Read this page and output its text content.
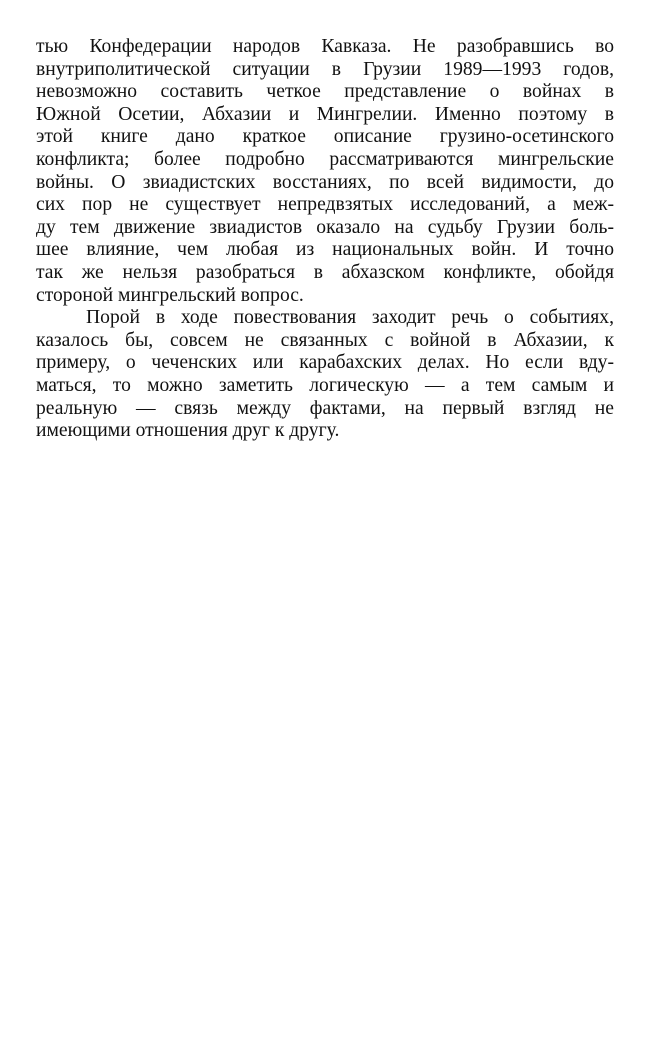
тью Конфедерации народов Кавказа. Не разобравшись во
внутриполитической ситуации в Грузии 1989—1993 годов,
невозможно составить четкое представление о войнах в
Южной Осетии, Абхазии и Мингрелии. Именно поэтому в
этой книге дано краткое описание грузино-осетинского
конфликта; более подробно рассматриваются мингрельские
войны. О звиадистских восстаниях, по всей видимости, до
сих пор не существует непредвзятых исследований, а меж-
ду тем движение звиадистов оказало на судьбу Грузии боль-
шее влияние, чем любая из национальных войн. И точно
так же нельзя разобраться в абхазском конфликте, обойдя
стороной мингрельский вопрос.

Порой в ходе повествования заходит речь о событиях,
казалось бы, совсем не связанных с войной в Абхазии, к
примеру, о чеченских или карабахских делах. Но если вду-
маться, то можно заметить логическую — а тем самым и
реальную — связь между фактами, на первый взгляд не
имеющими отношения друг к другу.
